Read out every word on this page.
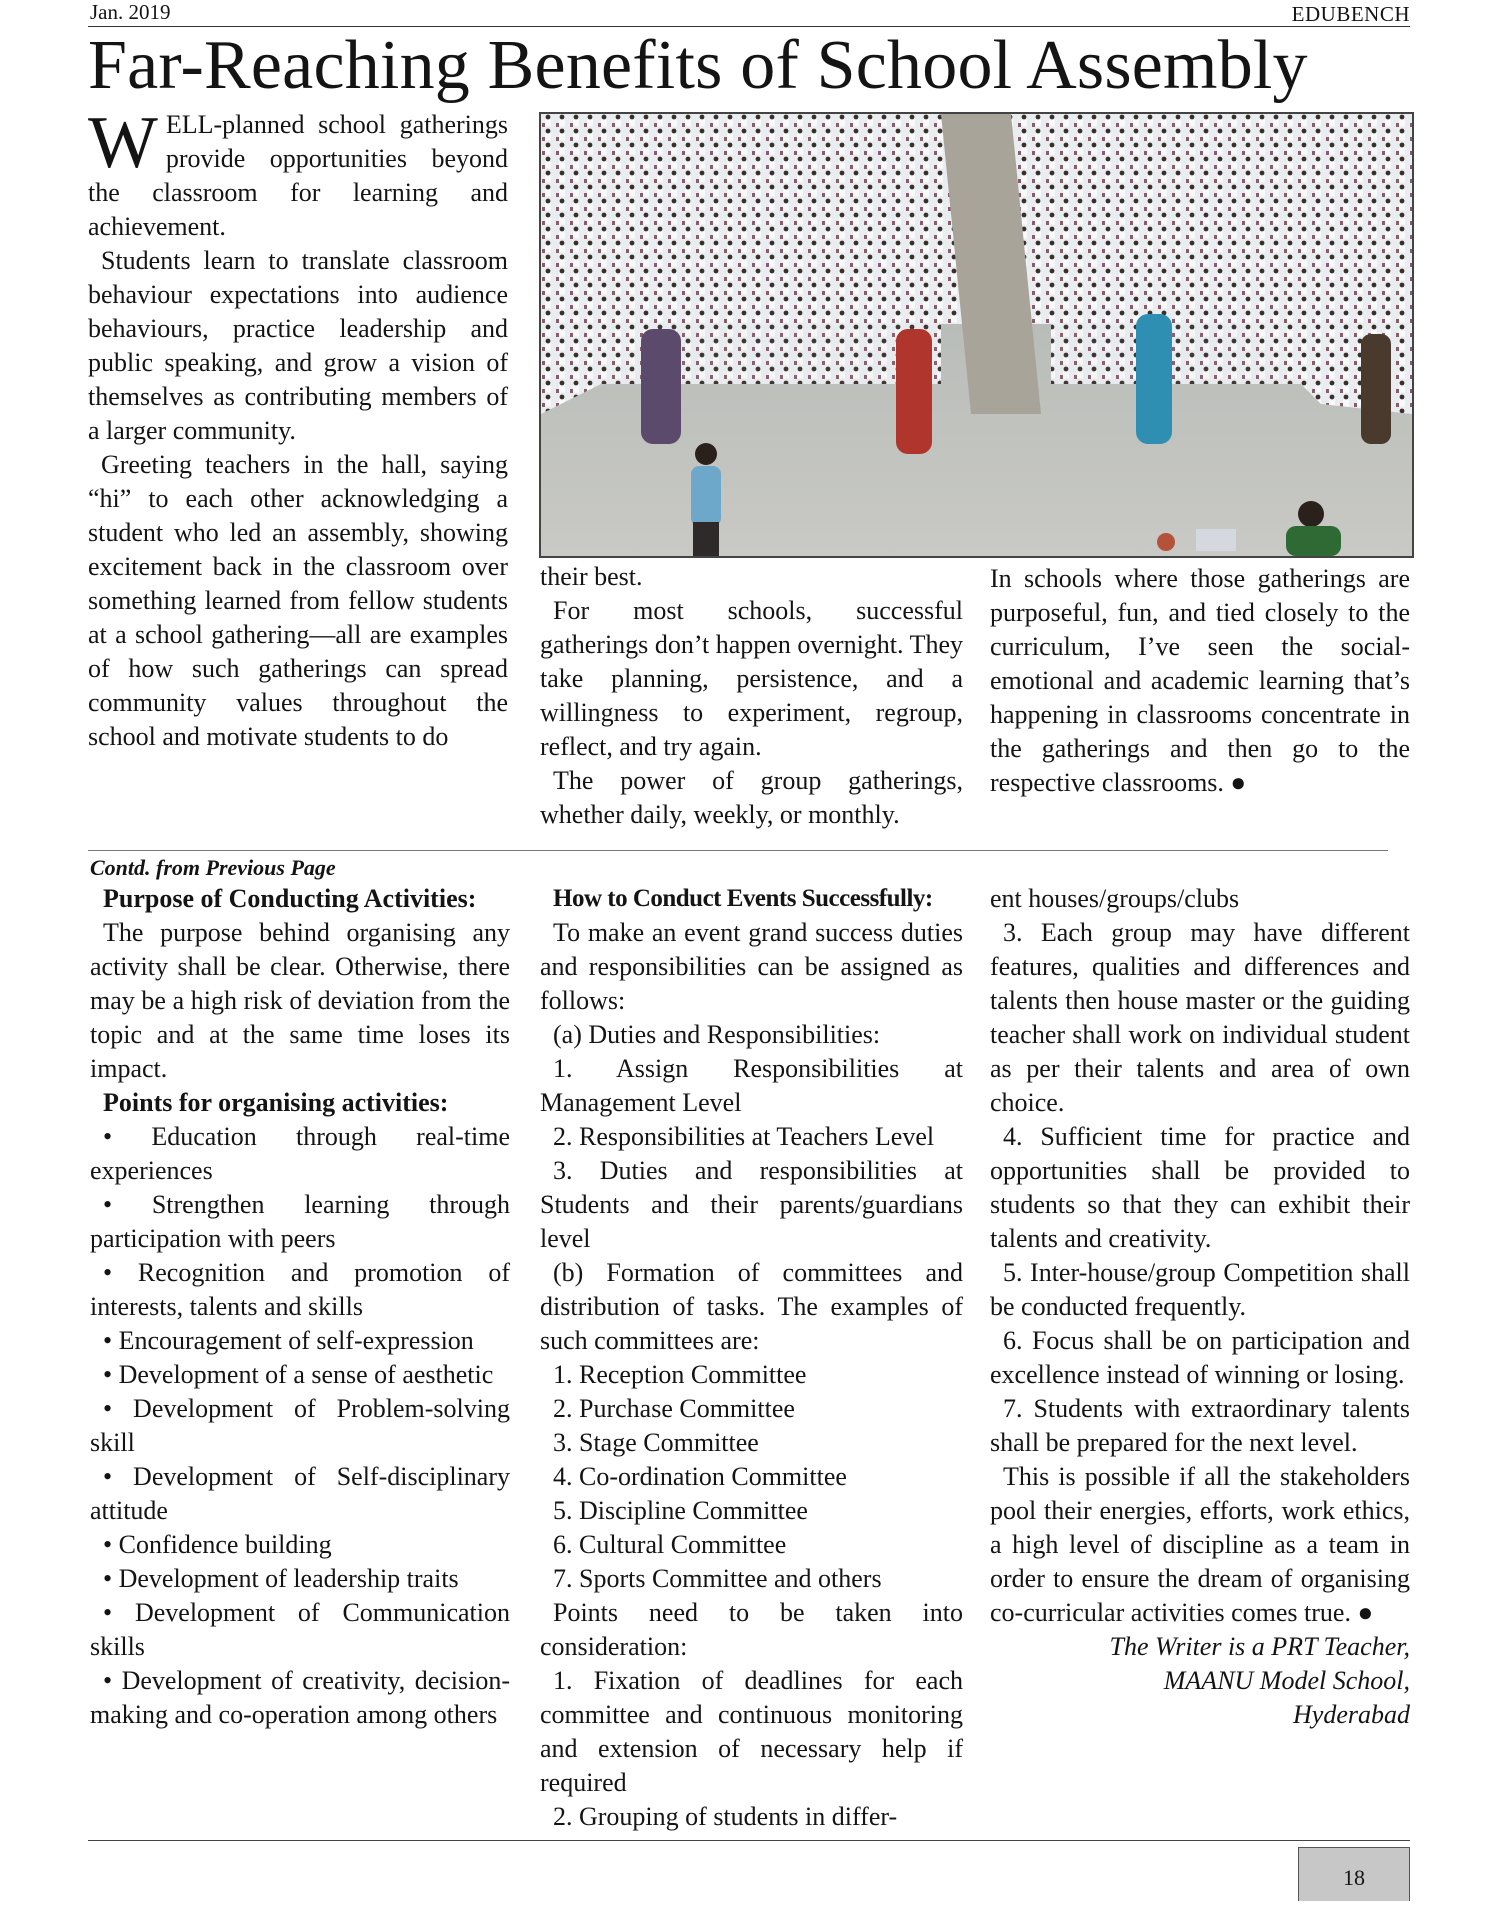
Jan. 2019	EDUBENCH
Far-Reaching Benefits of School Assembly

WELL-planned school gatherings provide opportunities beyond the classroom for learning and achievement.

Students learn to translate classroom behaviour expectations into audience behaviours, practice leadership and public speaking, and grow a vision of themselves as contributing members of a larger community.

Greeting teachers in the hall, saying “hi” to each other acknowledging a student who led an assembly, showing excitement back in the classroom over something learned from fellow students at a school gathering—all are examples of how such gatherings can spread community values throughout the school and motivate students to do

their best.

For most schools, successful gatherings don’t happen overnight. They take planning, persistence, and a willingness to experiment, regroup, reflect, and try again.

The power of group gatherings, whether daily, weekly, or monthly.

In schools where those gatherings are purposeful, fun, and tied closely to the curriculum, I’ve seen the social-emotional and academic learning that’s happening in classrooms concentrate in the gatherings and then go to the respective classrooms. ●

Contd. from Previous Page

Purpose of Conducting Activities:

The purpose behind organising any activity shall be clear. Otherwise, there may be a high risk of deviation from the topic and at the same time loses its impact.

Points for organising activities:

• Education through real-time experiences

• Strengthen learning through participation with peers

• Recognition and promotion of interests, talents and skills

• Encouragement of self-expression

• Development of a sense of aesthetic

• Development of Problem-solving skill

• Development of Self-disciplinary attitude

• Confidence building

• Development of leadership traits

• Development of Communication skills

• Development of creativity, decision-making and co-operation among others

How to Conduct Events Successfully:

To make an event grand success duties and responsibilities can be assigned as follows:

(a) Duties and Responsibilities:

1. Assign Responsibilities at Management Level

2. Responsibilities at Teachers Level

3. Duties and responsibilities at Students and their parents/guardians level

(b) Formation of committees and distribution of tasks. The examples of such committees are:

1. Reception Committee

2. Purchase Committee

3. Stage Committee

4. Co-ordination Committee

5. Discipline Committee

6. Cultural Committee

7. Sports Committee and others

Points need to be taken into consideration:

1. Fixation of deadlines for each committee and continuous monitoring and extension of necessary help if required

2. Grouping of students in differ-

ent houses/groups/clubs

3. Each group may have different features, qualities and differences and talents then house master or the guiding teacher shall work on individual student as per their talents and area of own choice.

4. Sufficient time for practice and opportunities shall be provided to students so that they can exhibit their talents and creativity.

5. Inter-house/group Competition shall be conducted frequently.

6. Focus shall be on participation and excellence instead of winning or losing.

7. Students with extraordinary talents shall be prepared for the next level.

This is possible if all the stakeholders pool their energies, efforts, work ethics, a high level of discipline as a team in order to ensure the dream of organising co-curricular activities comes true. ●

The Writer is a PRT Teacher,

MAANU Model School,

Hyderabad

18
